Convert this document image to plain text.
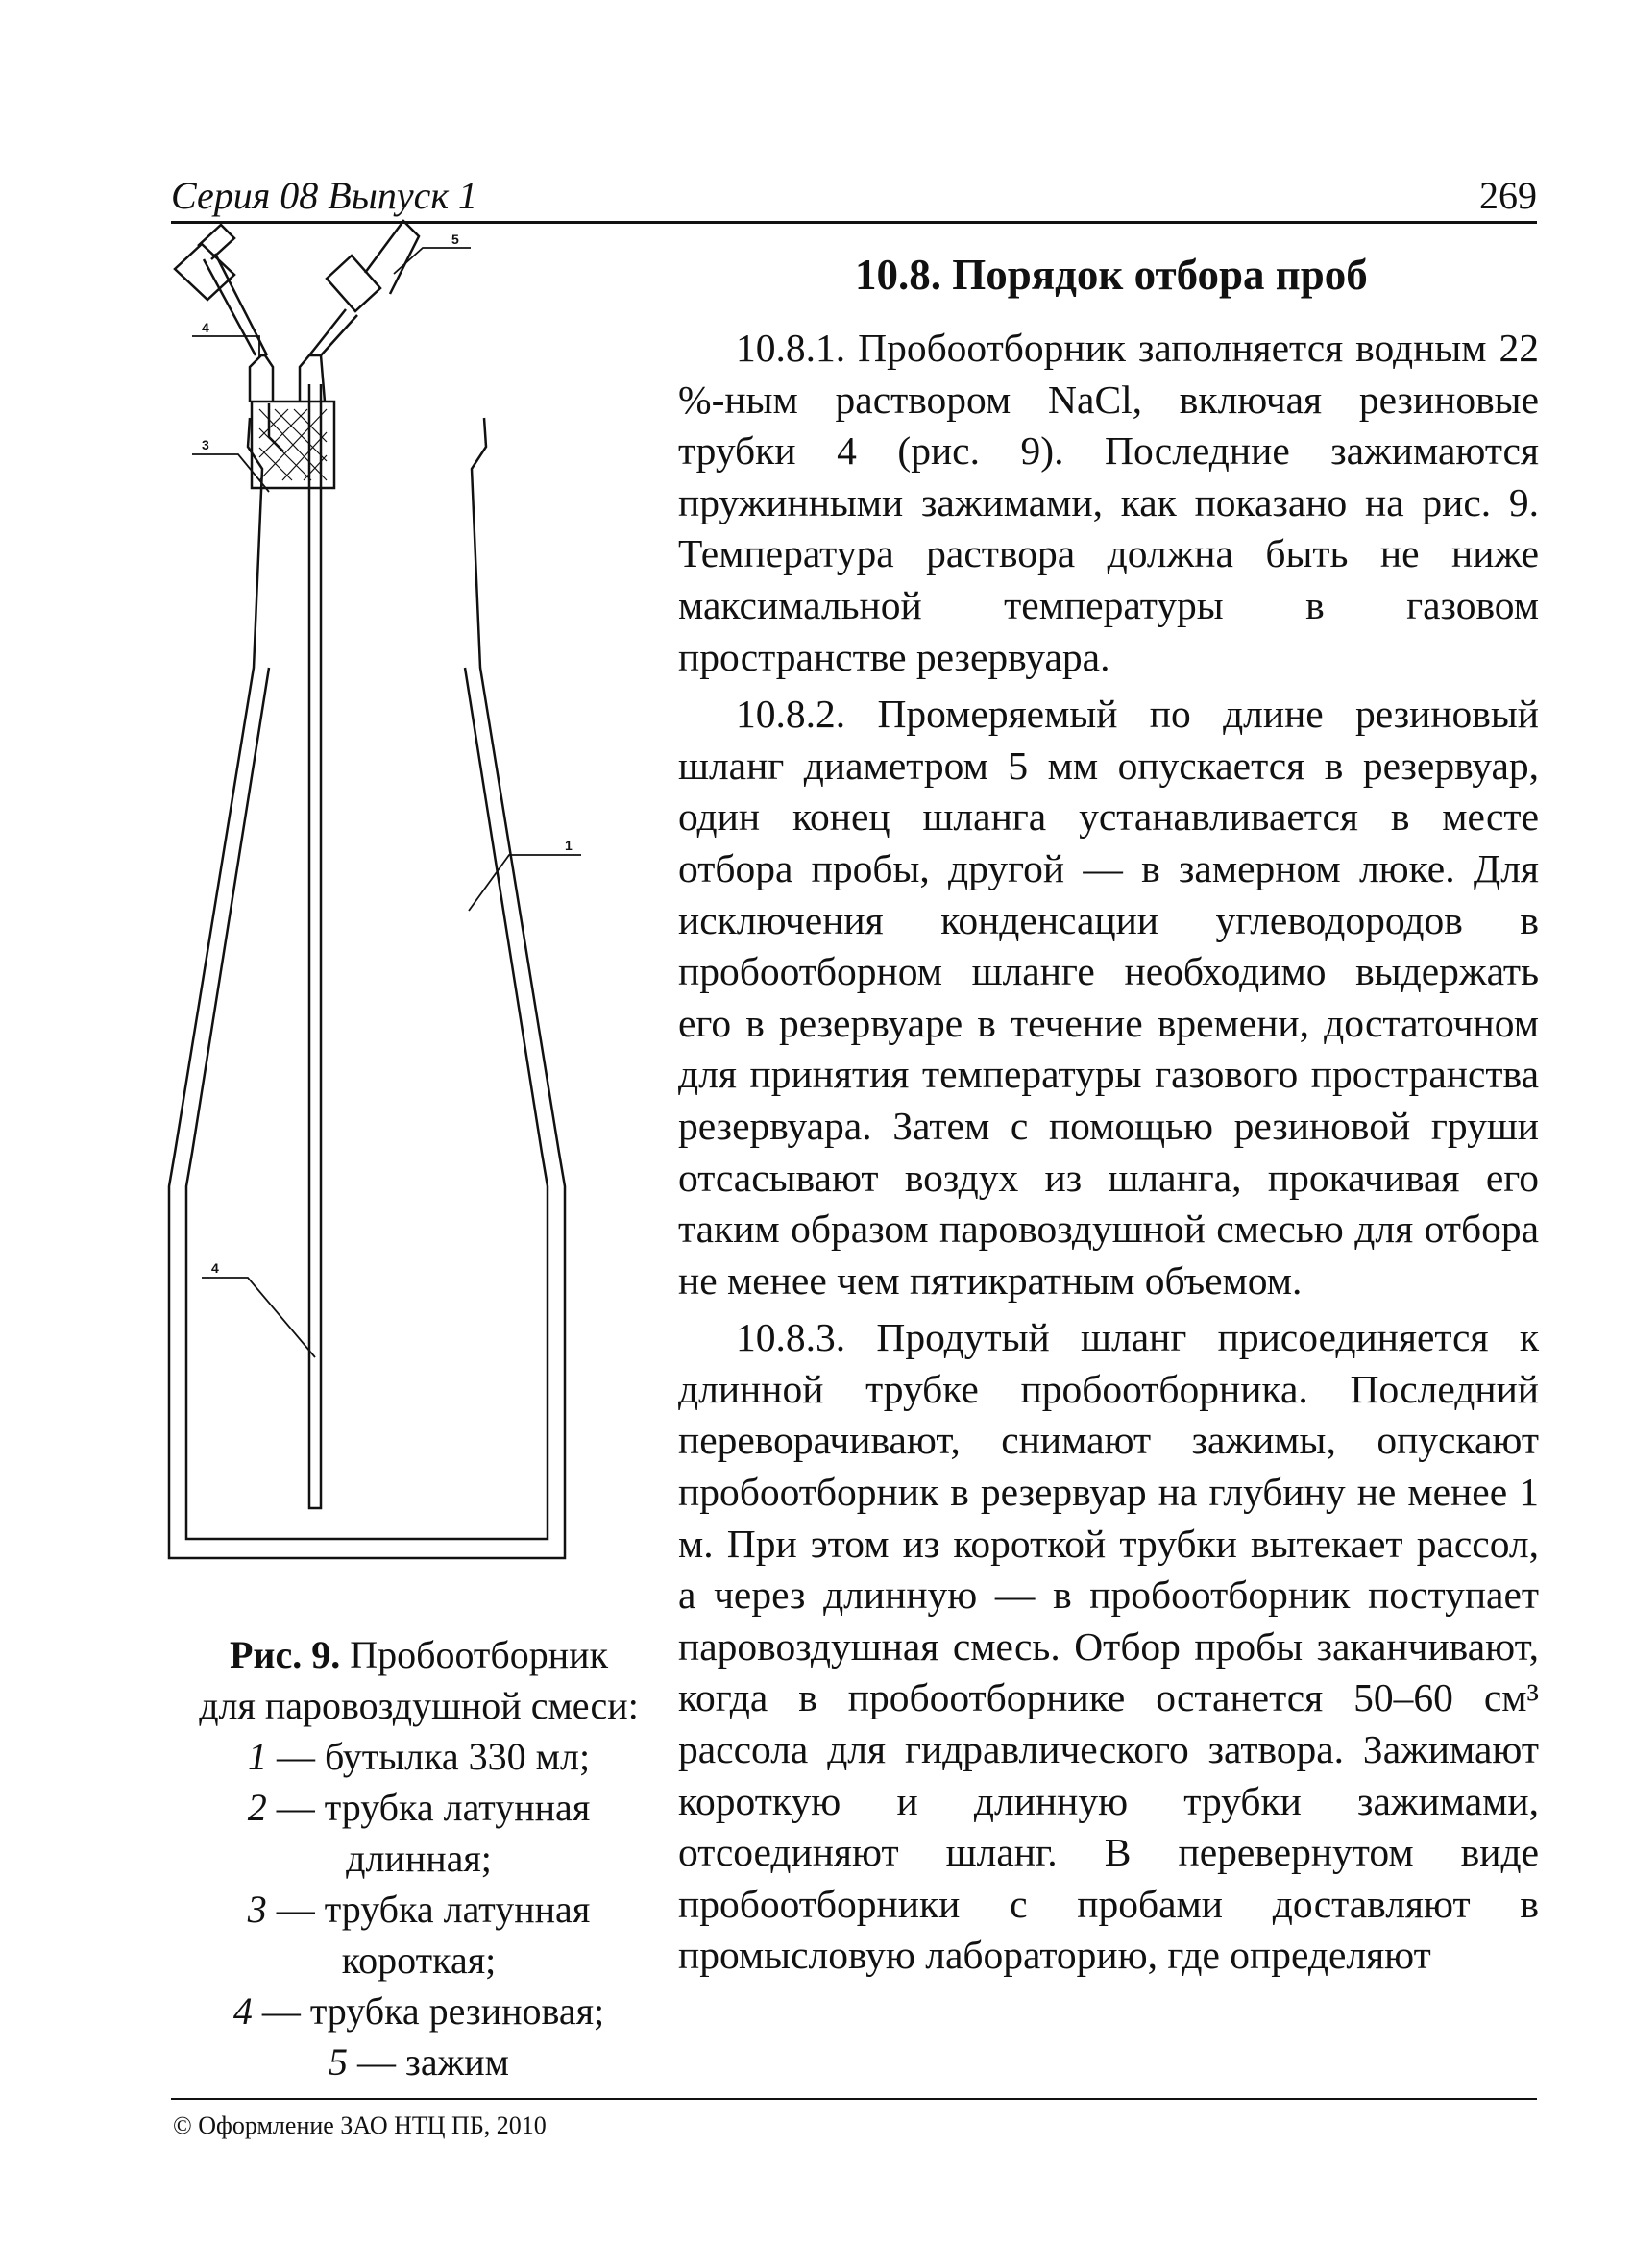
Серия 08 Выпуск 1	269
10.8. Порядок отбора проб
4
3
5
1
4
Рис. 9. Пробоотборник для паровоздушной смеси:
1 — бутылка 330 мл;
2 — трубка латунная длинная;
3 — трубка латунная короткая;
4 — трубка резиновая;
5 — зажим

10.8.1. Пробоотборник заполняется водным 22 %-ным раствором NaCl, включая резиновые трубки 4 (рис. 9). Последние зажимаются пружинными зажимами, как показано на рис. 9. Температура раствора должна быть не ниже максимальной температуры в газовом пространстве резервуара.

10.8.2. Промеряемый по длине резиновый шланг диаметром 5 мм опускается в резервуар, один конец шланга устанавливается в месте отбора пробы, другой — в замерном люке. Для исключения конденсации углеводородов в пробоотборном шланге необходимо выдержать его в резервуаре в течение времени, достаточном для принятия температуры газового пространства резервуара. Затем с помощью резиновой груши отсасывают воздух из шланга, прокачивая его таким образом паровоздушной смесью для отбора не менее чем пятикратным объемом.

10.8.3. Продутый шланг присоединяется к длинной трубке пробоотборника. Последний переворачивают, снимают зажимы, опускают пробоотборник в резервуар на глубину не менее 1 м. При этом из короткой трубки вытекает рассол, а через длинную — в пробоотборник поступает паровоздушная смесь. Отбор пробы заканчивают, когда в пробоотборнике останется 50–60 см³ рассола для гидравлического затвора. Зажимают короткую и длинную трубки зажимами, отсоединяют шланг. В перевернутом виде пробоотборники с пробами доставляют в промысловую лабораторию, где определяют

© Оформление ЗАО НТЦ ПБ, 2010
